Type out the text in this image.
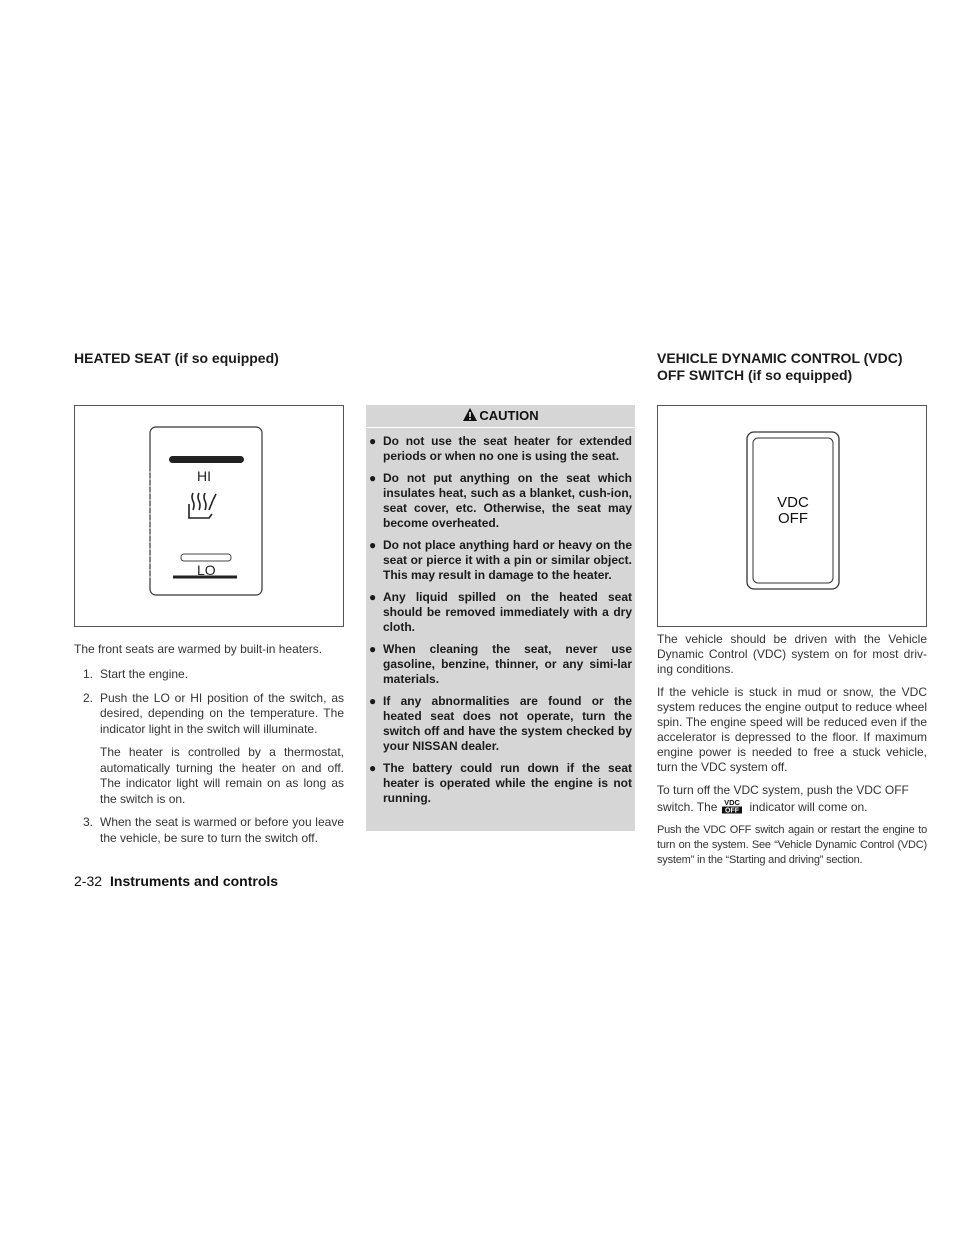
HEATED SEAT (if so equipped)
HI
LO

The front seats are warmed by built-in heaters.

1. Start the engine.
2. Push the LO or HI position of the switch, as desired, depending on the temperature. The indicator light in the switch will illuminate.
The heater is controlled by a thermostat, automatically turning the heater on and off. The indicator light will remain on as long as the switch is on.
3. When the seat is warmed or before you leave the vehicle, be sure to turn the switch off.
2-32 Instruments and controls
CAUTION
● Do not use the seat heater for extended periods or when no one is using the seat.
● Do not put anything on the seat which insulates heat, such as a blanket, cush-ion, seat cover, etc. Otherwise, the seat may become overheated.
● Do not place anything hard or heavy on the seat or pierce it with a pin or similar object. This may result in damage to the heater.
● Any liquid spilled on the heated seat should be removed immediately with a dry cloth.
● When cleaning the seat, never use gasoline, benzine, thinner, or any simi-lar materials.
● If any abnormalities are found or the heated seat does not operate, turn the switch off and have the system checked by your NISSAN dealer.
● The battery could run down if the seat heater is operated while the engine is not running.
VEHICLE DYNAMIC CONTROL (VDC)
OFF SWITCH (if so equipped)
VDC
OFF

The vehicle should be driven with the Vehicle Dynamic Control (VDC) system on for most driv-ing conditions.

If the vehicle is stuck in mud or snow, the VDC system reduces the engine output to reduce wheel spin. The engine speed will be reduced even if the accelerator is depressed to the floor. If maximum engine power is needed to free a stuck vehicle, turn the VDC system off.

To turn off the VDC system, push the VDC OFF switch. The VDC
OFF indicator will come on.

Push the VDC OFF switch again or restart the engine to turn on the system. See “Vehicle Dynamic Control (VDC) system” in the “Starting and driving” section.
